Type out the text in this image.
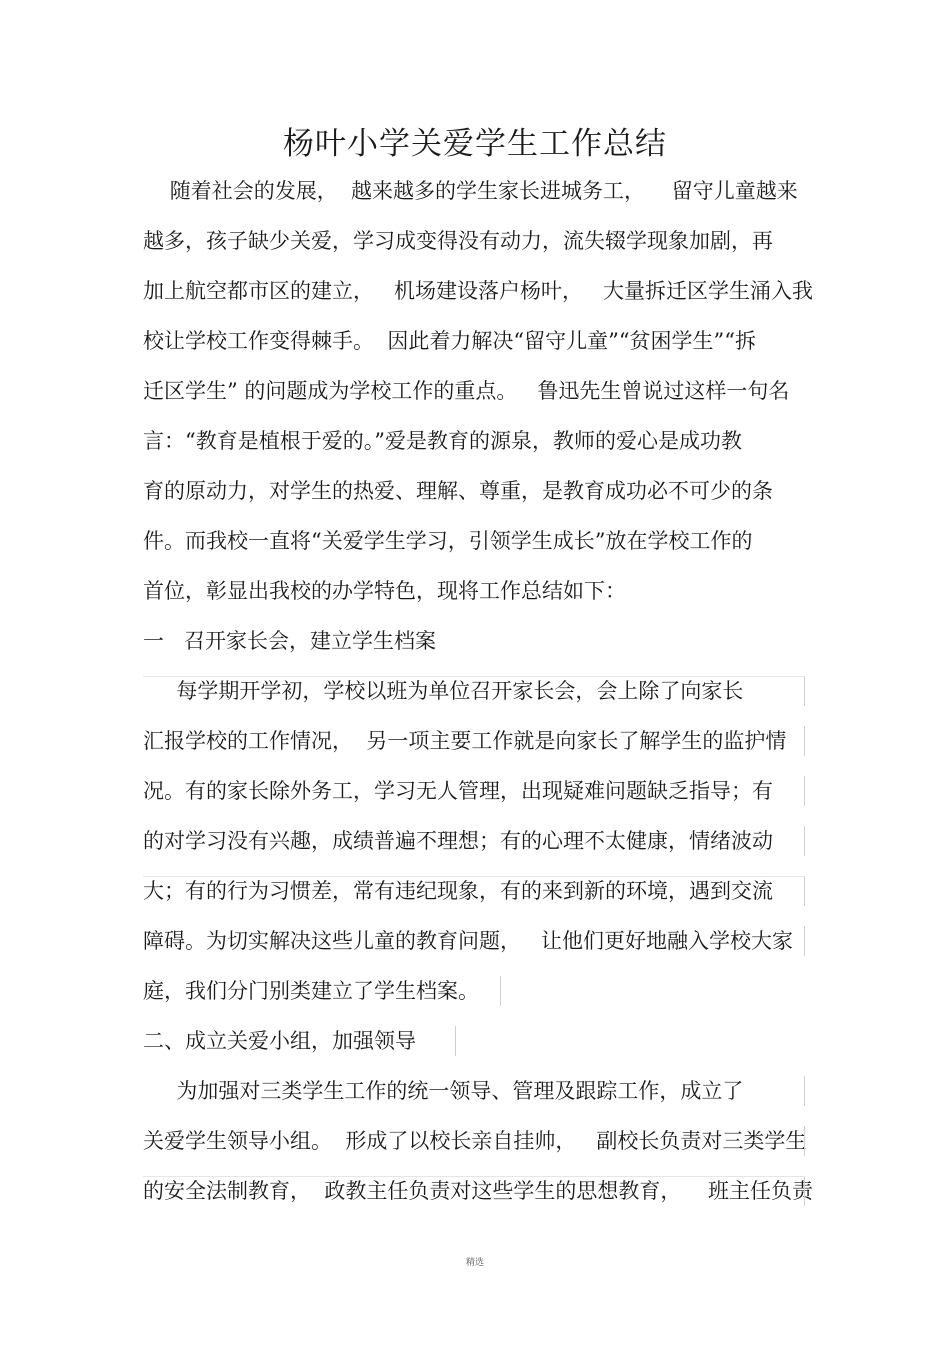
杨叶小学关爱学生工作总结
随着社会的发展，  越来越多的学生家长进城务工，    留守儿童越来
越多，孩子缺少关爱，学习成变得没有动力，流失辍学现象加剧，再
加上航空都市区的建立，   机场建设落户杨叶，   大量拆迁区学生涌入我
校让学校工作变得棘手。  因此着力解决“留守儿童”“贫困学生”“拆
迁区学生” 的问题成为学校工作的重点。   鲁迅先生曾说过这样一句名
言：“教育是植根于爱的。”爱是教育的源泉，教师的爱心是成功教
育的原动力，对学生的热爱、理解、尊重，是教育成功必不可少的条
件。而我校一直将“关爱学生学习，引领学生成长”放在学校工作的
首位，彰显出我校的办学特色，现将工作总结如下：
一   召开家长会，建立学生档案
每学期开学初，学校以班为单位召开家长会，会上除了向家长
汇报学校的工作情况，  另一项主要工作就是向家长了解学生的监护情
况。有的家长除外务工，学习无人管理，出现疑难问题缺乏指导；有
的对学习没有兴趣，成绩普遍不理想；有的心理不太健康，情绪波动
大；有的行为习惯差，常有违纪现象，有的来到新的环境，遇到交流
障碍。为切实解决这些儿童的教育问题，   让他们更好地融入学校大家
庭，我们分门别类建立了学生档案。
二、成立关爱小组，加强领导
为加强对三类学生工作的统一领导、管理及跟踪工作，成立了
关爱学生领导小组。  形成了以校长亲自挂帅，   副校长负责对三类学生
的安全法制教育，  政教主任负责对这些学生的思想教育，    班主任负责
精选
